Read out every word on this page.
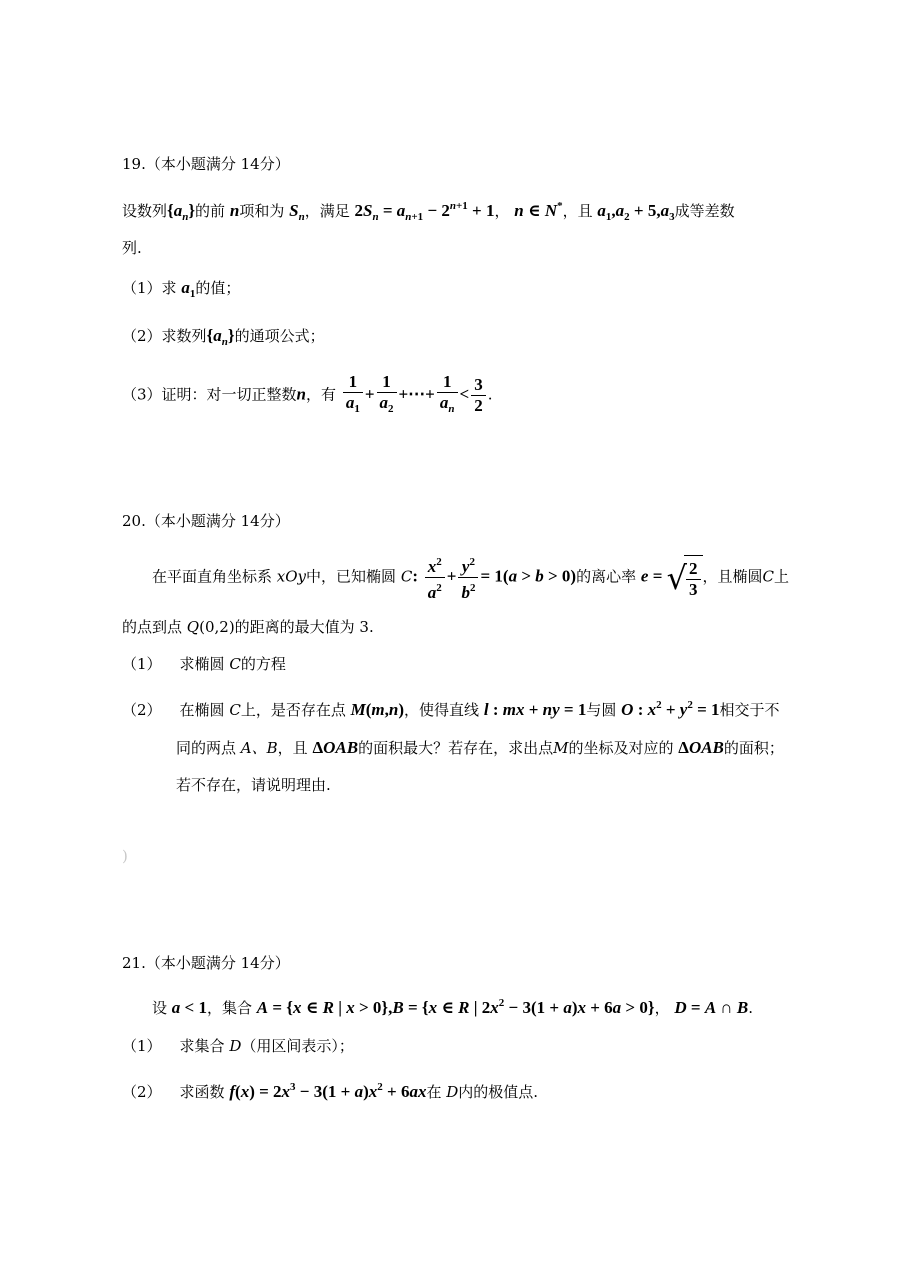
19.（本小题满分 14分）
设数列$\{a_n\}$的前 n项和为 $S_n$，满足 $2S_n = a_{n+1} - 2^{n+1} + 1$， n ∈ N*，且 $a_1,a_2 + 5,a_3$成等差数
列.
（1）求 $a_1$的值；
（2）求数列$\{a_n\}$的通项公式；
（3）证明：对一切正整数n，有 $\frac{1}{a_1} + \frac{1}{a_2}$ +⋯+ $\frac{1}{a_n} < \frac{3}{2}$ .
20.（本小题满分 14分）
在平面直角坐标系 xOy中，已知椭圆 C: $\frac{x^2}{a^2} + \frac{y^2}{b^2} = 1(a > b > 0)$的离心率 e = √ $\frac{2}{3}$ ，且椭圆C上
的点到点 Q(0,2)的距离的最大值为 3.
（1） 求椭圆 C的方程
（2） 在椭圆 C上，是否存在点 M(m,n)，使得直线 l : mx + ny = 1与圆 O : $x^2 + y^2 = 1$相交于不
同的两点 A、B，且 ΔOAB的面积最大？若存在，求出点M的坐标及对应的 ΔOAB的面积；
若不存在，请说明理由.
)
21.（本小题满分 14分）
设 a < 1，集合 A = {x ∈ R | x > 0},B = {x ∈ R | $2x^2 - 3(1 + a)x + 6a > 0$}， D = A ∩ B.
（1） 求集合 D（用区间表示）；
（2） 求函数 $f(x) = 2x^3 - 3(1 + a)x^2 + 6ax$在 D内的极值点.
